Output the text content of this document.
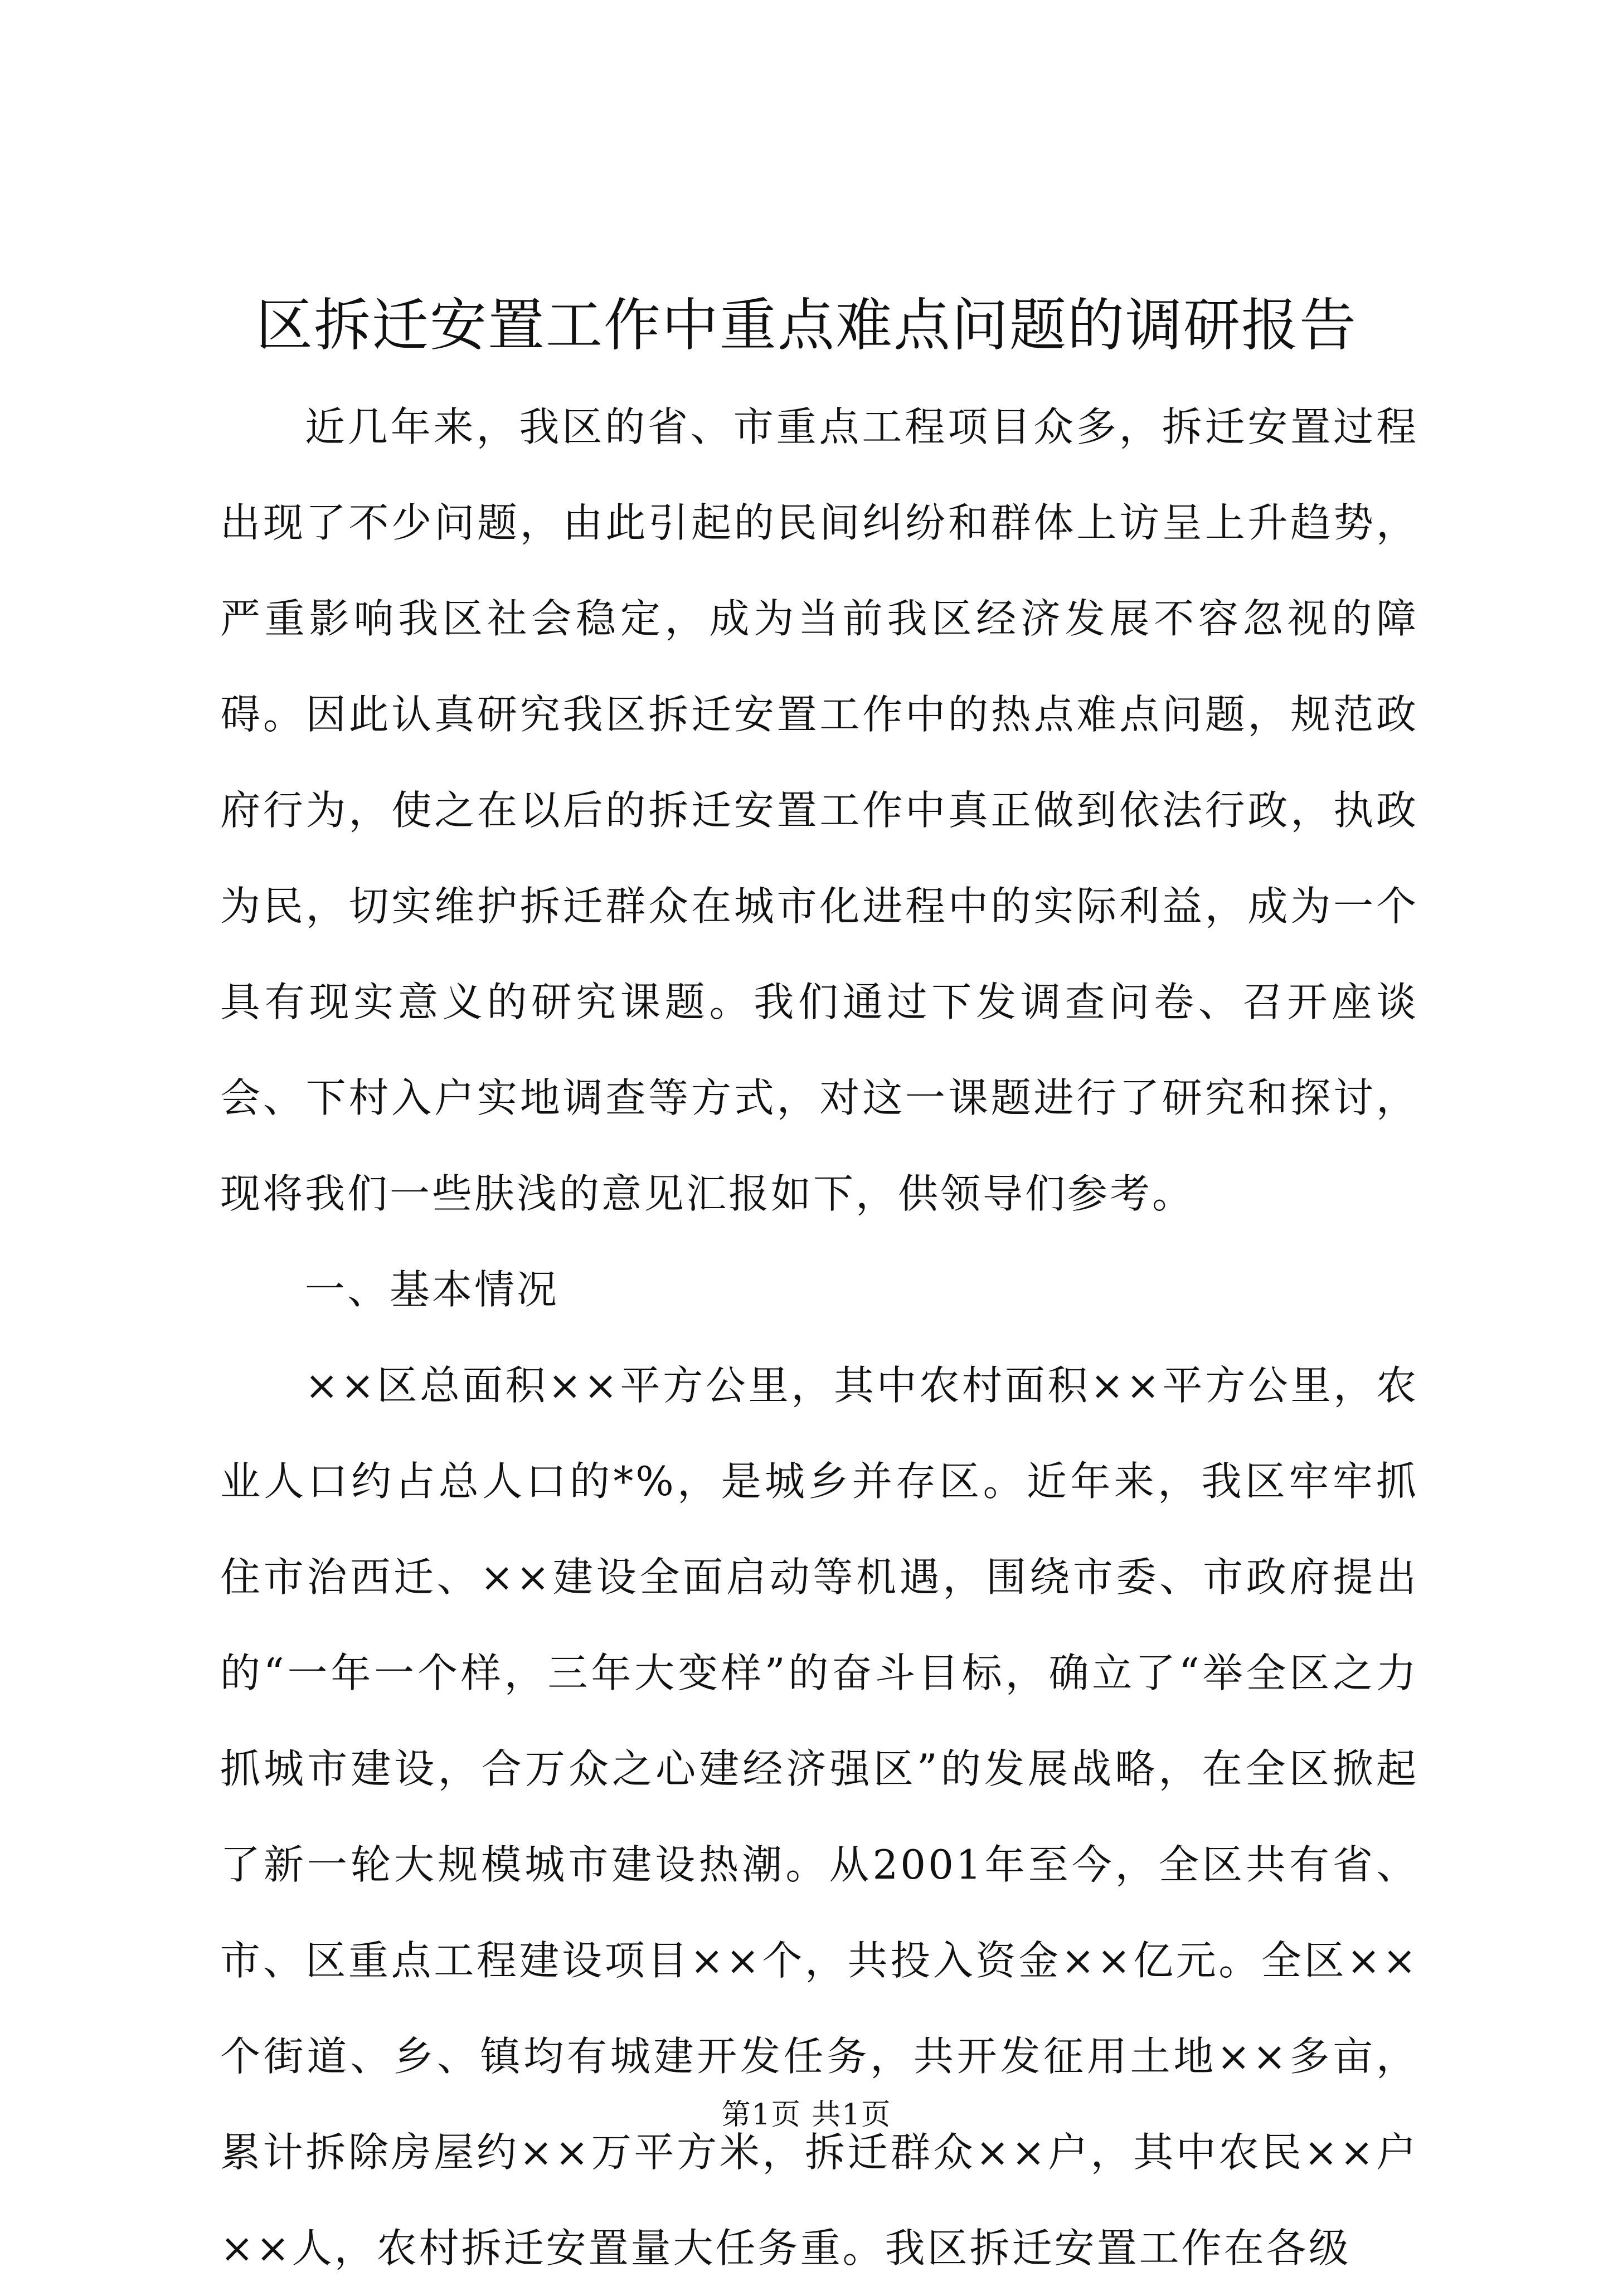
区拆迁安置工作中重点难点问题的调研报告

近几年来，我区的省、市重点工程项目众多，拆迁安置过程出现了不少问题，由此引起的民间纠纷和群体上访呈上升趋势，严重影响我区社会稳定，成为当前我区经济发展不容忽视的障碍。因此认真研究我区拆迁安置工作中的热点难点问题，规范政府行为，使之在以后的拆迁安置工作中真正做到依法行政，执政为民，切实维护拆迁群众在城市化进程中的实际利益，成为一个具有现实意义的研究课题。我们通过下发调查问卷、召开座谈会、下村入户实地调查等方式，对这一课题进行了研究和探讨，现将我们一些肤浅的意见汇报如下，供领导们参考。

一、基本情况

××区总面积××平方公里，其中农村面积××平方公里，农业人口约占总人口的*%，是城乡并存区。近年来，我区牢牢抓住市治西迁、××建设全面启动等机遇，围绕市委、市政府提出的“一年一个样，三年大变样”的奋斗目标，确立了“举全区之力抓城市建设，合万众之心建经济强区”的发展战略，在全区掀起了新一轮大规模城市建设热潮。从2001年至今，全区共有省、市、区重点工程建设项目××个，共投入资金××亿元。全区××个街道、乡、镇均有城建开发任务，共开发征用土地××多亩，累计拆除房屋约××万平方米，拆迁群众××户，其中农民××户××人，农村拆迁安置量大任务重。我区拆迁安置工作在各级

第1页 共1页
